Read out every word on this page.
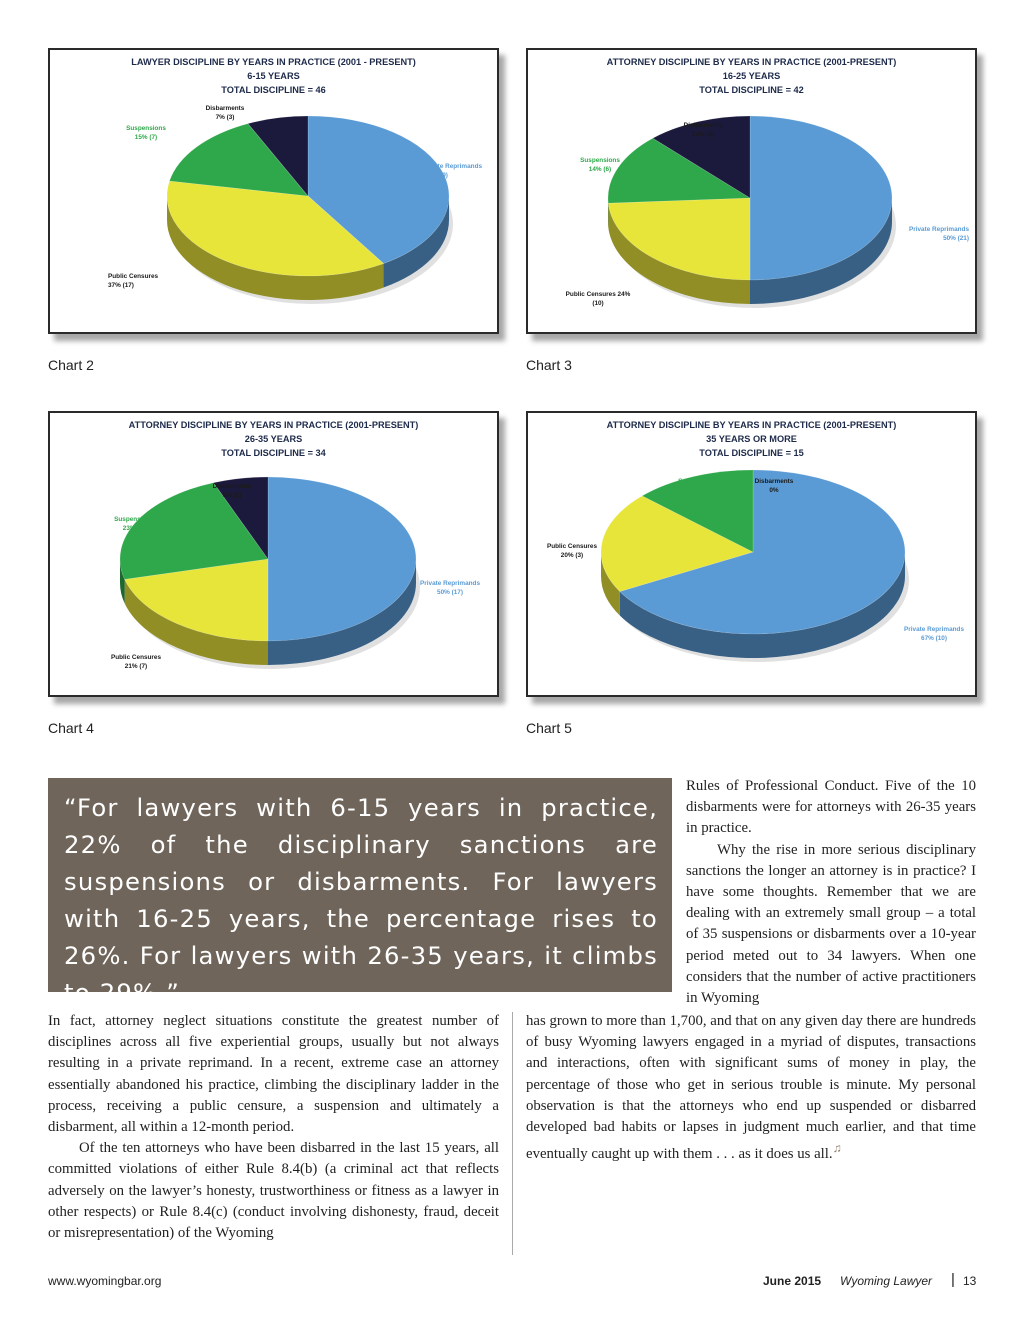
LAWYER DISCIPLINE BY YEARS IN PRACTICE (2001 - PRESENT)
6-15 YEARS
TOTAL DISCIPLINE = 46
Private Reprimands
41% (19)
Public Censures
37% (17)
Suspensions
15% (7)
Disbarments
7% (3)
Chart 2
ATTORNEY DISCIPLINE BY YEARS IN PRACTICE (2001-PRESENT)
16-25 YEARS
TOTAL DISCIPLINE = 42
Private Reprimands
50% (21)
Public Censures 24%
(10)
Suspensions
14% (6)
Disbarments
12% (5)
Chart 3
ATTORNEY DISCIPLINE BY YEARS IN PRACTICE (2001-PRESENT)
26-35 YEARS
TOTAL DISCIPLINE = 34
Private Reprimands
50% (17)
Public Censures
21% (7)
Suspensions
23% (8)
Disbarments
6% (2)
Chart 4
ATTORNEY DISCIPLINE BY YEARS IN PRACTICE (2001-PRESENT)
35 YEARS OR MORE
TOTAL DISCIPLINE = 15
Private Reprimands
67% (10)
Public Censures
20% (3)
Suspensions
13% (2)
Disbarments
0%
Chart 5

“For lawyers with 6-15 years in practice, 22% of the disciplinary sanctions are suspensions or disbarments. For lawyers with 16-25 years, the percentage rises to 26%. For lawyers with 26-35 years, it climbs to 29%.”

Rules of Professional Conduct. Five of the 10 disbarments were for attorneys with 26-35 years in practice.

Why the rise in more serious disciplinary sanctions the longer an attorney is in practice? I have some thoughts. Remember that we are dealing with an extremely small group – a total of 35 suspensions or disbarments over a 10-year period meted out to 34 lawyers. When one considers that the number of active practitioners in Wyoming

In fact, attorney neglect situations constitute the greatest number of disciplines across all five experiential groups, usually but not always resulting in a private reprimand. In a recent, extreme case an attorney essentially abandoned his practice, climbing the disciplinary ladder in the process, receiving a public censure, a suspension and ultimately a disbarment, all within a 12-month period.

Of the ten attorneys who have been disbarred in the last 15 years, all committed violations of either Rule 8.4(b) (a criminal act that reflects adversely on the lawyer’s honesty, trustworthiness or fitness as a lawyer in other respects) or Rule 8.4(c) (conduct involving dishonesty, fraud, deceit or misrepresentation) of the Wyoming

has grown to more than 1,700, and that on any given day there are hundreds of busy Wyoming lawyers engaged in a myriad of disputes, transactions and interactions, often with significant sums of money in play, the percentage of those who get in serious trouble is minute. My personal observation is that the attorneys who end up suspended or disbarred developed bad habits or lapses in judgment much earlier, and that time eventually caught up with them . . . as it does us all.♫

www.wyomingbar.org	June 2015 Wyoming Lawyer | 13
